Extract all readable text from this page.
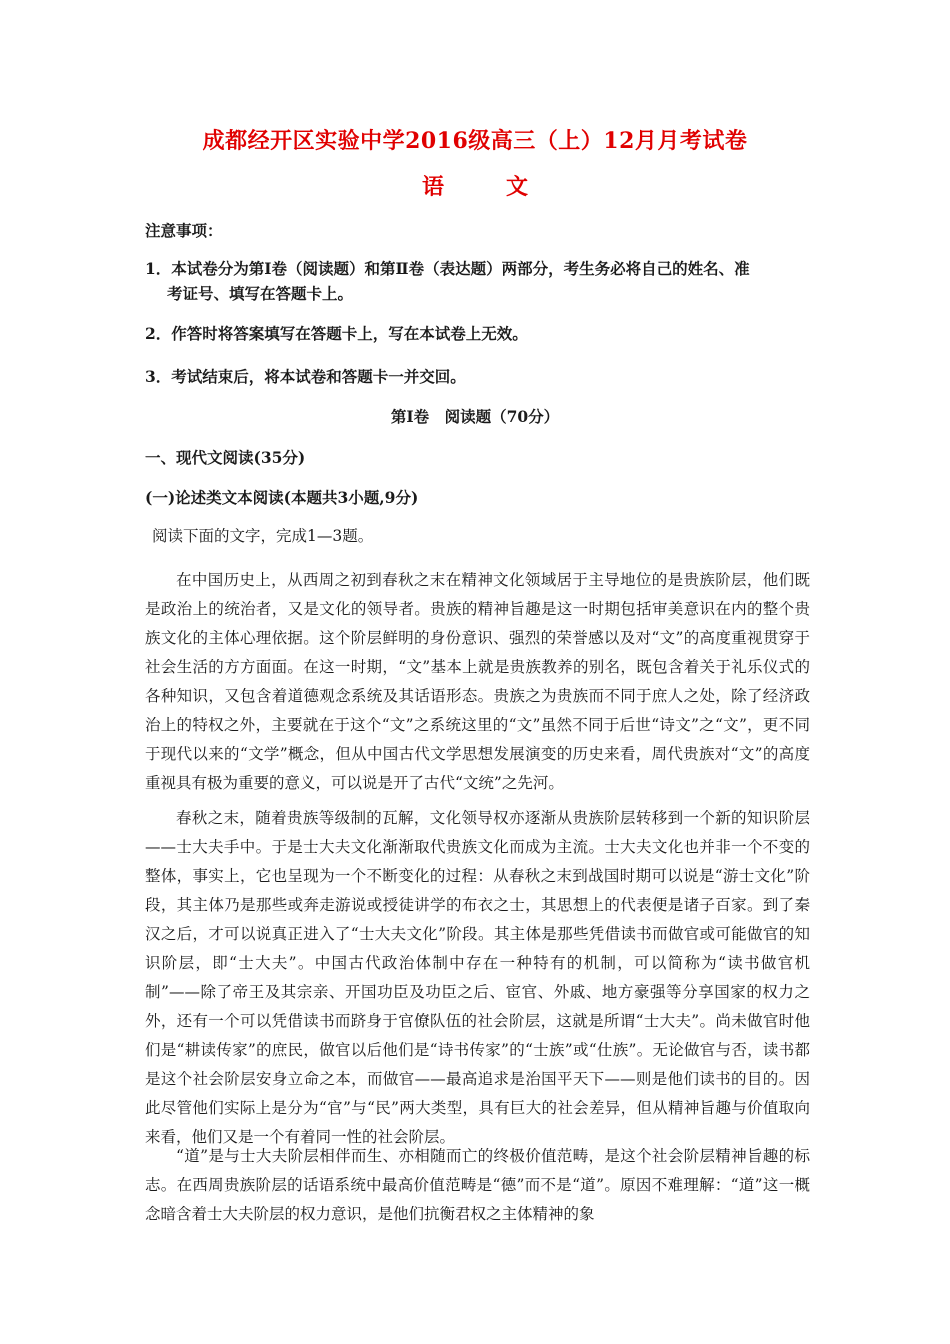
成都经开区实验中学2016级高三（上）12月月考试卷
语　文
注意事项：
1．本试卷分为第Ⅰ卷（阅读题）和第Ⅱ卷（表达题）两部分，考生务必将自己的姓名、准
考证号、填写在答题卡上。
2．作答时将答案填写在答题卡上，写在本试卷上无效。
3．考试结束后，将本试卷和答题卡一并交回。
第Ⅰ卷　阅读题（70分）
一、现代文阅读(35分)
(一)论述类文本阅读(本题共3小题,9分)
阅读下面的文字，完成1—3题。
在中国历史上，从西周之初到春秋之末在精神文化领域居于主导地位的是贵族阶层，他们既是政治上的统治者，又是文化的领导者。贵族的精神旨趣是这一时期包括审美意识在内的整个贵族文化的主体心理依据。这个阶层鲜明的身份意识、强烈的荣誉感以及对“文”的高度重视贯穿于社会生活的方方面面。在这一时期，“文”基本上就是贵族教养的别名，既包含着关于礼乐仪式的各种知识，又包含着道德观念系统及其话语形态。贵族之为贵族而不同于庶人之处，除了经济政治上的特权之外，主要就在于这个“文”之系统这里的“文”虽然不同于后世“诗文”之“文”，更不同于现代以来的“文学”概念，但从中国古代文学思想发展演变的历史来看，周代贵族对“文”的高度重视具有极为重要的意义，可以说是开了古代“文统”之先河。
春秋之末，随着贵族等级制的瓦解，文化领导权亦逐渐从贵族阶层转移到一个新的知识阶层——士大夫手中。于是士大夫文化渐渐取代贵族文化而成为主流。士大夫文化也并非一个不变的整体，事实上，它也呈现为一个不断变化的过程：从春秋之末到战国时期可以说是“游士文化”阶段，其主体乃是那些或奔走游说或授徒讲学的布衣之士，其思想上的代表便是诸子百家。到了秦汉之后，才可以说真正进入了“士大夫文化”阶段。其主体是那些凭借读书而做官或可能做官的知识阶层，即“士大夫”。中国古代政治体制中存在一种特有的机制，可以简称为“读书做官机制”——除了帝王及其宗亲、开国功臣及功臣之后、宦官、外戚、地方豪强等分享国家的权力之外，还有一个可以凭借读书而跻身于官僚队伍的社会阶层，这就是所谓“士大夫”。尚未做官时他们是“耕读传家”的庶民，做官以后他们是“诗书传家”的“士族”或“仕族”。无论做官与否，读书都是这个社会阶层安身立命之本，而做官——最高追求是治国平天下——则是他们读书的目的。因此尽管他们实际上是分为“官”与“民”两大类型，具有巨大的社会差异，但从精神旨趣与价值取向来看，他们又是一个有着同一性的社会阶层。
“道”是与士大夫阶层相伴而生、亦相随而亡的终极价值范畴，是这个社会阶层精神旨趣的标志。在西周贵族阶层的话语系统中最高价值范畴是“德”而不是“道”。原因不难理解：“道”这一概念暗含着士大夫阶层的权力意识，是他们抗衡君权之主体精神的象
